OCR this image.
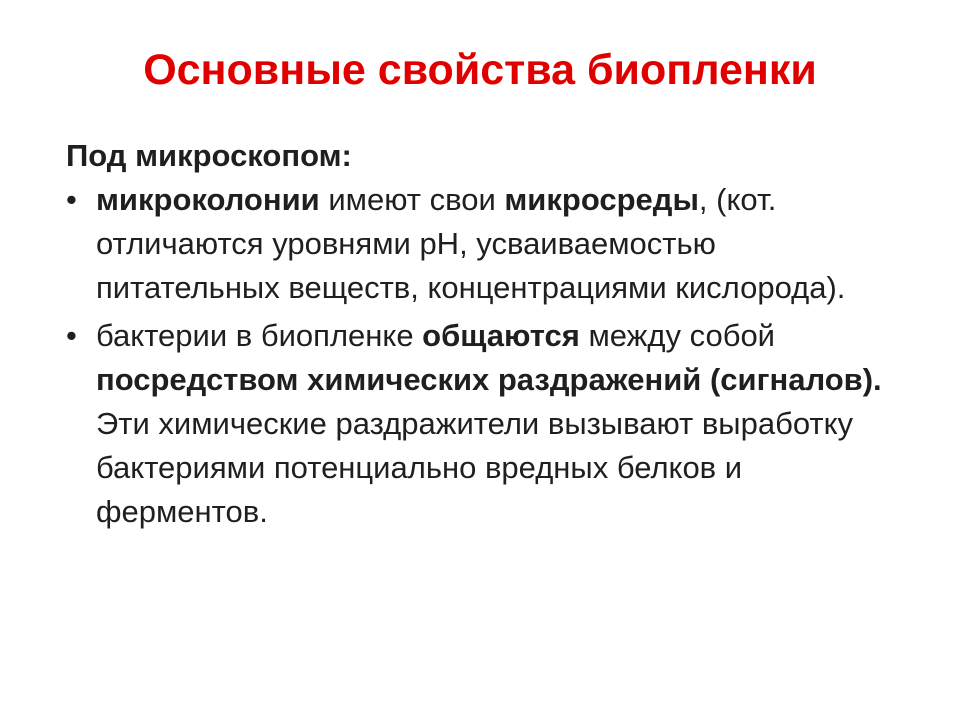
Основные свойства биопленки
Под микроскопом:
• микроколонии имеют свои микросреды, (кот. отличаются уровнями pH, усваиваемостью питательных веществ, концентрациями кислорода).
• бактерии в биопленке общаются между собой посредством химических раздражений (сигналов). Эти химические раздражители вызывают выработку бактериями потенциально вредных белков и ферментов.
